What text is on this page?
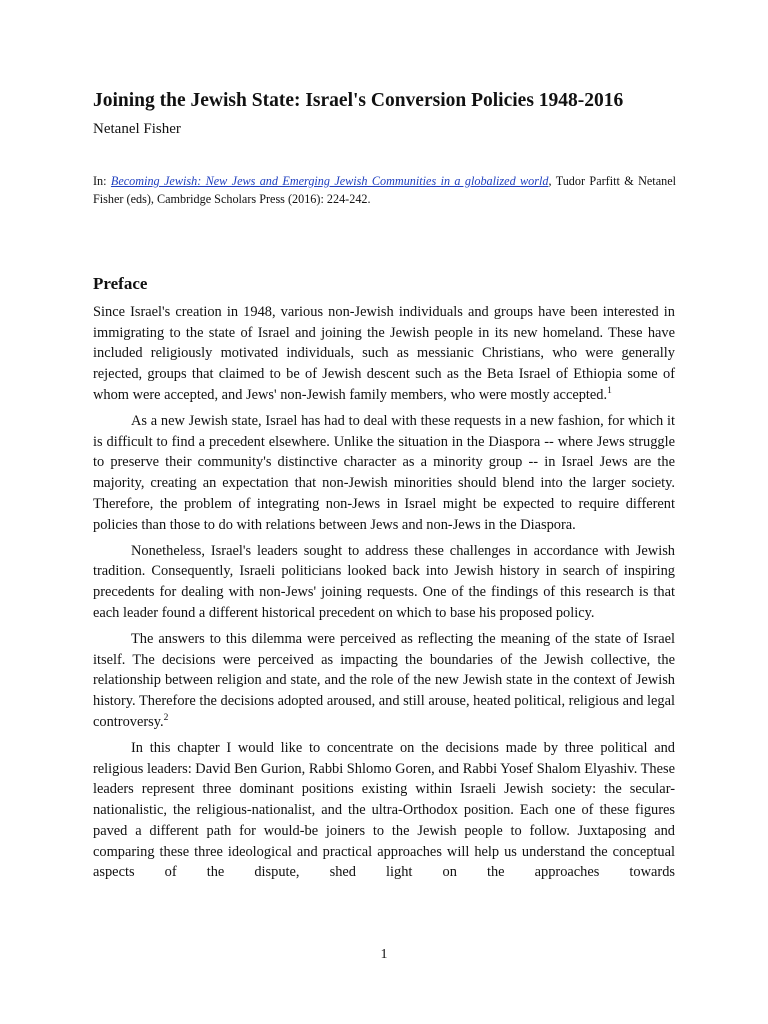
Joining the Jewish State: Israel's Conversion Policies 1948-2016
Netanel Fisher
In: Becoming Jewish: New Jews and Emerging Jewish Communities in a globalized world, Tudor Parfitt & Netanel Fisher (eds), Cambridge Scholars Press (2016): 224-242.
Preface

Since Israel's creation in 1948, various non-Jewish individuals and groups have been interested in immigrating to the state of Israel and joining the Jewish people in its new homeland. These have included religiously motivated individuals, such as messianic Christians, who were generally rejected, groups that claimed to be of Jewish descent such as the Beta Israel of Ethiopia some of whom were accepted, and Jews' non-Jewish family members, who were mostly accepted.$^1$

As a new Jewish state, Israel has had to deal with these requests in a new fashion, for which it is difficult to find a precedent elsewhere. Unlike the situation in the Diaspora -- where Jews struggle to preserve their community's distinctive character as a minority group -- in Israel Jews are the majority, creating an expectation that non-Jewish minorities should blend into the larger society. Therefore, the problem of integrating non-Jews in Israel might be expected to require different policies than those to do with relations between Jews and non-Jews in the Diaspora.

Nonetheless, Israel's leaders sought to address these challenges in accordance with Jewish tradition. Consequently, Israeli politicians looked back into Jewish history in search of inspiring precedents for dealing with non-Jews' joining requests. One of the findings of this research is that each leader found a different historical precedent on which to base his proposed policy.

The answers to this dilemma were perceived as reflecting the meaning of the state of Israel itself. The decisions were perceived as impacting the boundaries of the Jewish collective, the relationship between religion and state, and the role of the new Jewish state in the context of Jewish history. Therefore the decisions adopted aroused, and still arouse, heated political, religious and legal controversy.$^2$

In this chapter I would like to concentrate on the decisions made by three political and religious leaders: David Ben Gurion, Rabbi Shlomo Goren, and Rabbi Yosef Shalom Elyashiv. These leaders represent three dominant positions existing within Israeli Jewish society: the secular-nationalistic, the religious-nationalist, and the ultra-Orthodox position. Each one of these figures paved a different path for would-be joiners to the Jewish people to follow. Juxtaposing and comparing these three ideological and practical approaches will help us understand the conceptual aspects of the dispute, shed light on the approaches towards

1
